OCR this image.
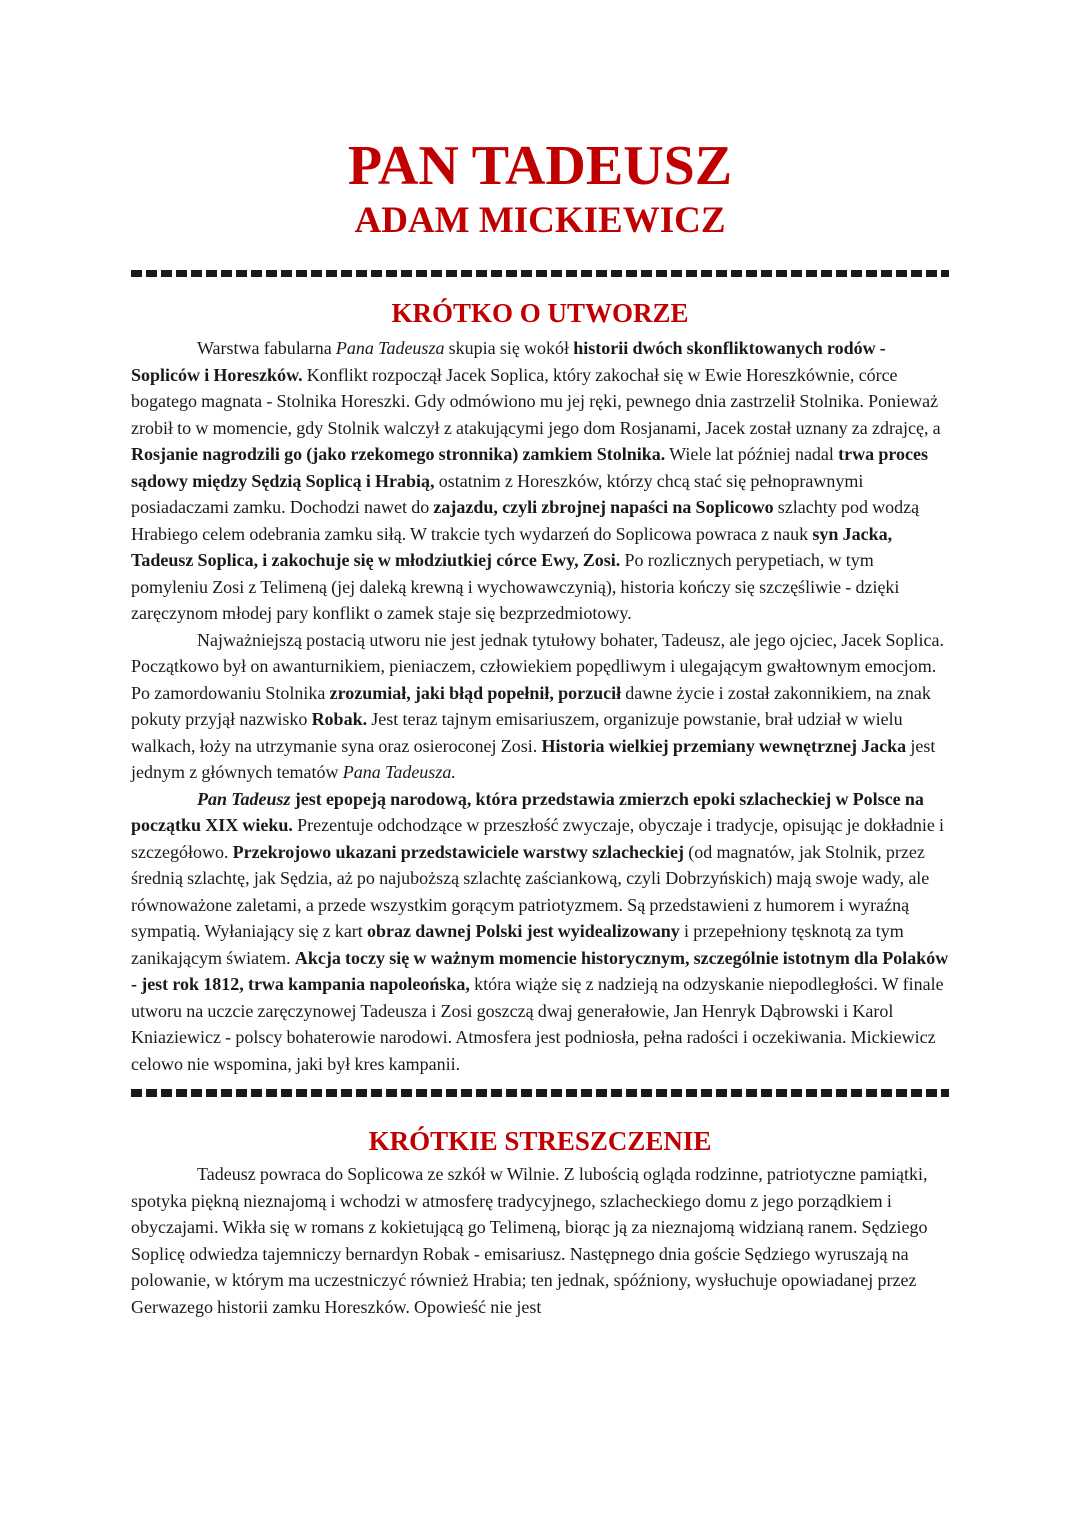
PAN TADEUSZ
ADAM MICKIEWICZ
KRÓTKO O UTWORZE

Warstwa fabularna Pana Tadeusza skupia się wokół historii dwóch skonfliktowanych rodów - Sopliców i Horeszków. Konflikt rozpoczął Jacek Soplica, który zakochał się w Ewie Horeszkównie, córce bogatego magnata - Stolnika Horeszki. Gdy odmówiono mu jej ręki, pewnego dnia zastrzelił Stolnika. Ponieważ zrobił to w momencie, gdy Stolnik walczył z atakującymi jego dom Rosjanami, Jacek został uznany za zdrajcę, a Rosjanie nagrodzili go (jako rzekomego stronnika) zamkiem Stolnika. Wiele lat później nadal trwa proces sądowy między Sędzią Soplicą i Hrabią, ostatnim z Horeszków, którzy chcą stać się pełnoprawnymi posiadaczami zamku. Dochodzi nawet do zajazdu, czyli zbrojnej napaści na Soplicowo szlachty pod wodzą Hrabiego celem odebrania zamku siłą. W trakcie tych wydarzeń do Soplicowa powraca z nauk syn Jacka, Tadeusz Soplica, i zakochuje się w młodziutkiej córce Ewy, Zosi. Po rozlicznych perypetiach, w tym pomyleniu Zosi z Telimeną (jej daleką krewną i wychowawczynią), historia kończy się szczęśliwie - dzięki zaręczynom młodej pary konflikt o zamek staje się bezprzedmiotowy.

Najważniejszą postacią utworu nie jest jednak tytułowy bohater, Tadeusz, ale jego ojciec, Jacek Soplica. Początkowo był on awanturnikiem, pieniaczem, człowiekiem popędliwym i ulegającym gwałtownym emocjom. Po zamordowaniu Stolnika zrozumiał, jaki błąd popełnił, porzucił dawne życie i został zakonnikiem, na znak pokuty przyjął nazwisko Robak. Jest teraz tajnym emisariuszem, organizuje powstanie, brał udział w wielu walkach, łoży na utrzymanie syna oraz osieroconej Zosi. Historia wielkiej przemiany wewnętrznej Jacka jest jednym z głównych tematów Pana Tadeusza.

Pan Tadeusz jest epopeją narodową, która przedstawia zmierzch epoki szlacheckiej w Polsce na początku XIX wieku. Prezentuje odchodzące w przeszłość zwyczaje, obyczaje i tradycje, opisując je dokładnie i szczegółowo. Przekrojowo ukazani przedstawiciele warstwy szlacheckiej (od magnatów, jak Stolnik, przez średnią szlachtę, jak Sędzia, aż po najuboższą szlachtę zaściankową, czyli Dobrzyńskich) mają swoje wady, ale równoważone zaletami, a przede wszystkim gorącym patriotyzmem. Są przedstawieni z humorem i wyraźną sympatią. Wyłaniający się z kart obraz dawnej Polski jest wyidealizowany i przepełniony tęsknotą za tym zanikającym światem. Akcja toczy się w ważnym momencie historycznym, szczególnie istotnym dla Polaków - jest rok 1812, trwa kampania napoleońska, która wiąże się z nadzieją na odzyskanie niepodległości. W finale utworu na uczcie zaręczynowej Tadeusza i Zosi goszczą dwaj generałowie, Jan Henryk Dąbrowski i Karol Kniaziewicz - polscy bohaterowie narodowi. Atmosfera jest podniosła, pełna radości i oczekiwania. Mickiewicz celowo nie wspomina, jaki był kres kampanii.

KRÓTKIE STRESZCZENIE

Tadeusz powraca do Soplicowa ze szkół w Wilnie. Z lubością ogląda rodzinne, patriotyczne pamiątki, spotyka piękną nieznajomą i wchodzi w atmosferę tradycyjnego, szlacheckiego domu z jego porządkiem i obyczajami. Wikła się w romans z kokietującą go Telimeną, biorąc ją za nieznajomą widzianą ranem. Sędziego Soplicę odwiedza tajemniczy bernardyn Robak - emisariusz. Następnego dnia goście Sędziego wyruszają na polowanie, w którym ma uczestniczyć również Hrabia; ten jednak, spóźniony, wysłuchuje opowiadanej przez Gerwazego historii zamku Horeszków. Opowieść nie jest
